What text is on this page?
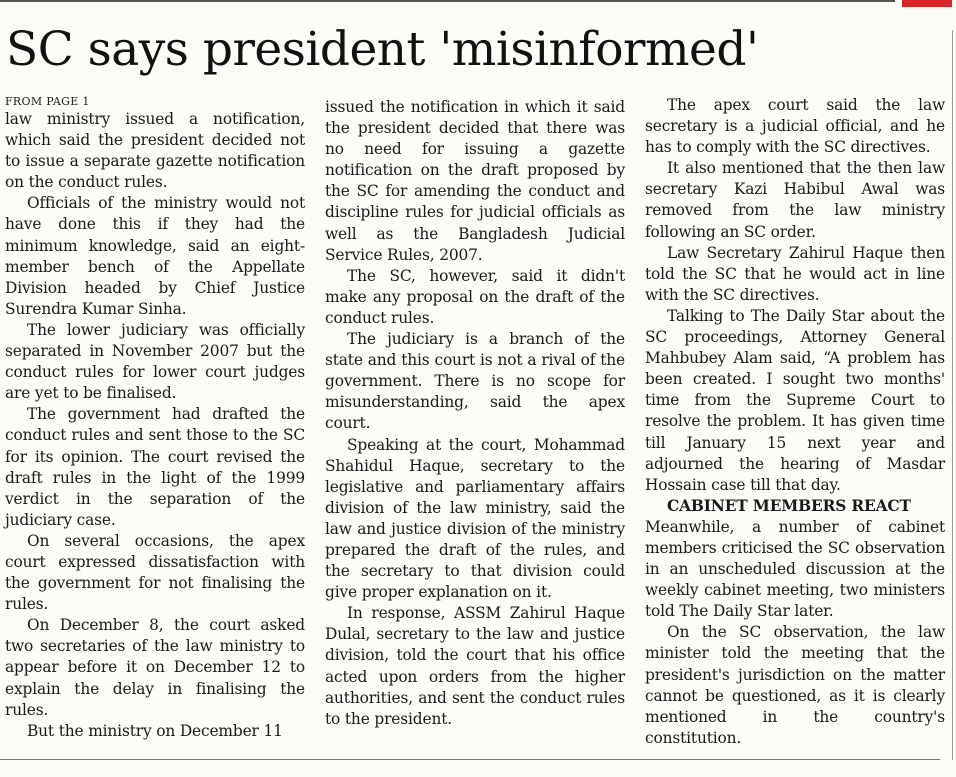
SC says president 'misinformed'
FROM PAGE 1

law ministry issued a notification, which said the president decided not to issue a separate gazette notification on the conduct rules.

Officials of the ministry would not have done this if they had the minimum knowledge, said an eight-member bench of the Appellate Division headed by Chief Justice Surendra Kumar Sinha.

The lower judiciary was officially separated in November 2007 but the conduct rules for lower court judges are yet to be finalised.

The government had drafted the conduct rules and sent those to the SC for its opinion. The court revised the draft rules in the light of the 1999 verdict in the separation of the judiciary case.

On several occasions, the apex court expressed dissatisfaction with the government for not finalising the rules.

On December 8, the court asked two secretaries of the law ministry to appear before it on December 12 to explain the delay in finalising the rules.

But the ministry on December 11

issued the notification in which it said the president decided that there was no need for issuing a gazette notification on the draft proposed by the SC for amending the conduct and discipline rules for judicial officials as well as the Bangladesh Judicial Service Rules, 2007.

The SC, however, said it didn't make any proposal on the draft of the conduct rules.

The judiciary is a branch of the state and this court is not a rival of the government. There is no scope for misunderstanding, said the apex court.

Speaking at the court, Mohammad Shahidul Haque, secretary to the legislative and parliamentary affairs division of the law ministry, said the law and justice division of the ministry prepared the draft of the rules, and the secretary to that division could give proper explanation on it.

In response, ASSM Zahirul Haque Dulal, secretary to the law and justice division, told the court that his office acted upon orders from the higher authorities, and sent the conduct rules to the president.

The apex court said the law secretary is a judicial official, and he has to comply with the SC directives.

It also mentioned that the then law secretary Kazi Habibul Awal was removed from the law ministry following an SC order.

Law Secretary Zahirul Haque then told the SC that he would act in line with the SC directives.

Talking to The Daily Star about the SC proceedings, Attorney General Mahbubey Alam said, “A problem has been created. I sought two months' time from the Supreme Court to resolve the problem. It has given time till January 15 next year and adjourned the hearing of Masdar Hossain case till that day.

CABINET MEMBERS REACT

Meanwhile, a number of cabinet members criticised the SC observation in an unscheduled discussion at the weekly cabinet meeting, two ministers told The Daily Star later.

On the SC observation, the law minister told the meeting that the president's jurisdiction on the matter cannot be questioned, as it is clearly mentioned in the country's constitution.
